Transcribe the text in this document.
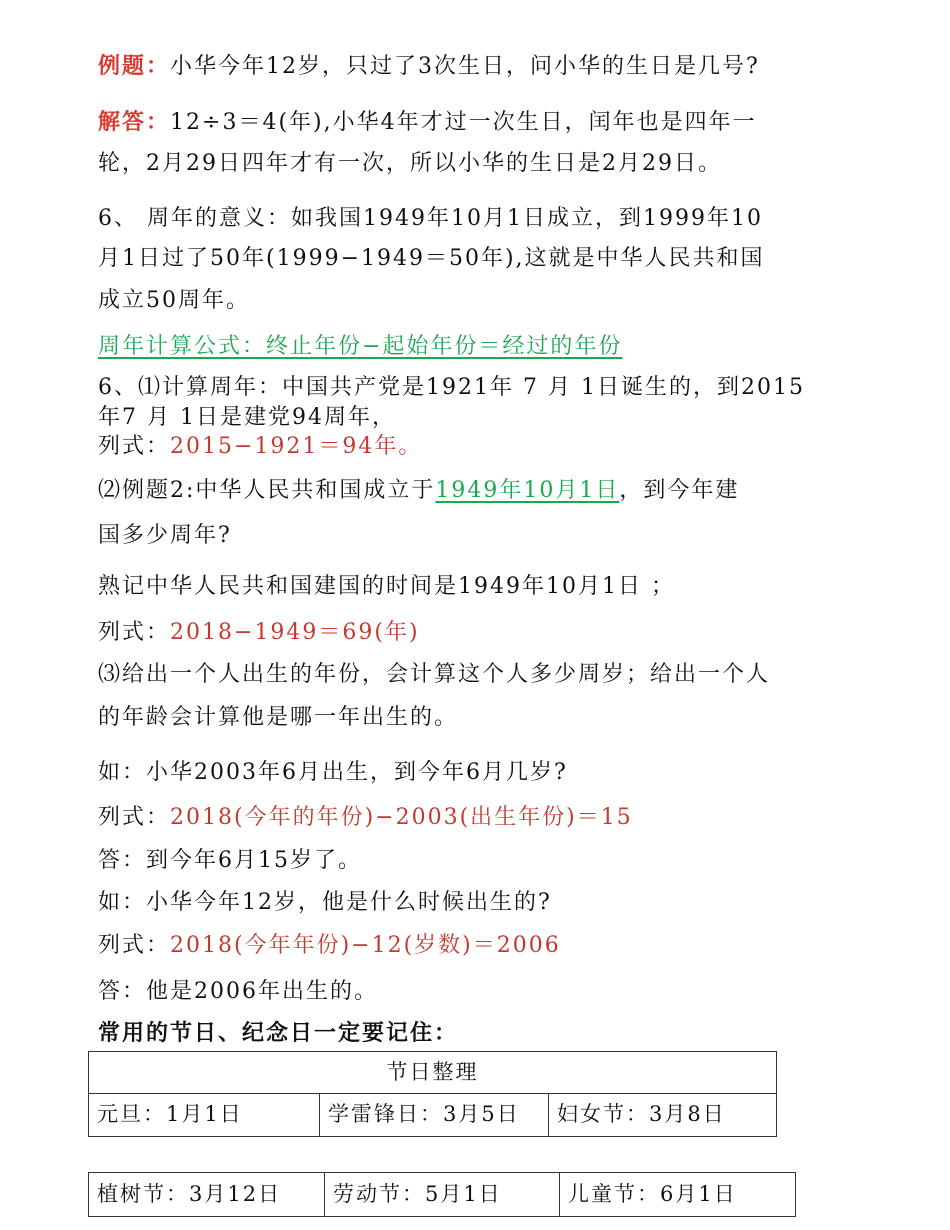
例题：小华今年12岁，只过了3次生日，问小华的生日是几号?

解答：12÷3＝4(年),小华4年才过一次生日，闰年也是四年一

轮，2月29日四年才有一次，所以小华的生日是2月29日。

6、 周年的意义：如我国1949年10月1日成立，到1999年10

月1日过了50年(1999−1949＝50年),这就是中华人民共和国

成立50周年。

周年计算公式：终止年份−起始年份＝经过的年份

6、⑴计算周年：中国共产党是1921年 7 月 1日诞生的，到2015

年7 月 1日是建党94周年，

列式：2015−1921＝94年。

⑵例题2:中华人民共和国成立于1949年10月1日，到今年建

国多少周年?

熟记中华人民共和国建国的时间是1949年10月1日 ；

列式：2018−1949＝69(年)

⑶给出一个人出生的年份，会计算这个人多少周岁；给出一个人

的年龄会计算他是哪一年出生的。

如：小华2003年6月出生，到今年6月几岁?

列式：2018(今年的年份)−2003(出生年份)＝15

答：到今年6月15岁了。

如：小华今年12岁，他是什么时候出生的?

列式：2018(今年年份)−12(岁数)＝2006

答：他是2006年出生的。

常用的节日、纪念日一定要记住：

节日整理
元旦：1月1日	学雷锋日：3月5日	妇女节：3月8日
植树节：3月12日	劳动节：5月1日	儿童节：6月1日
